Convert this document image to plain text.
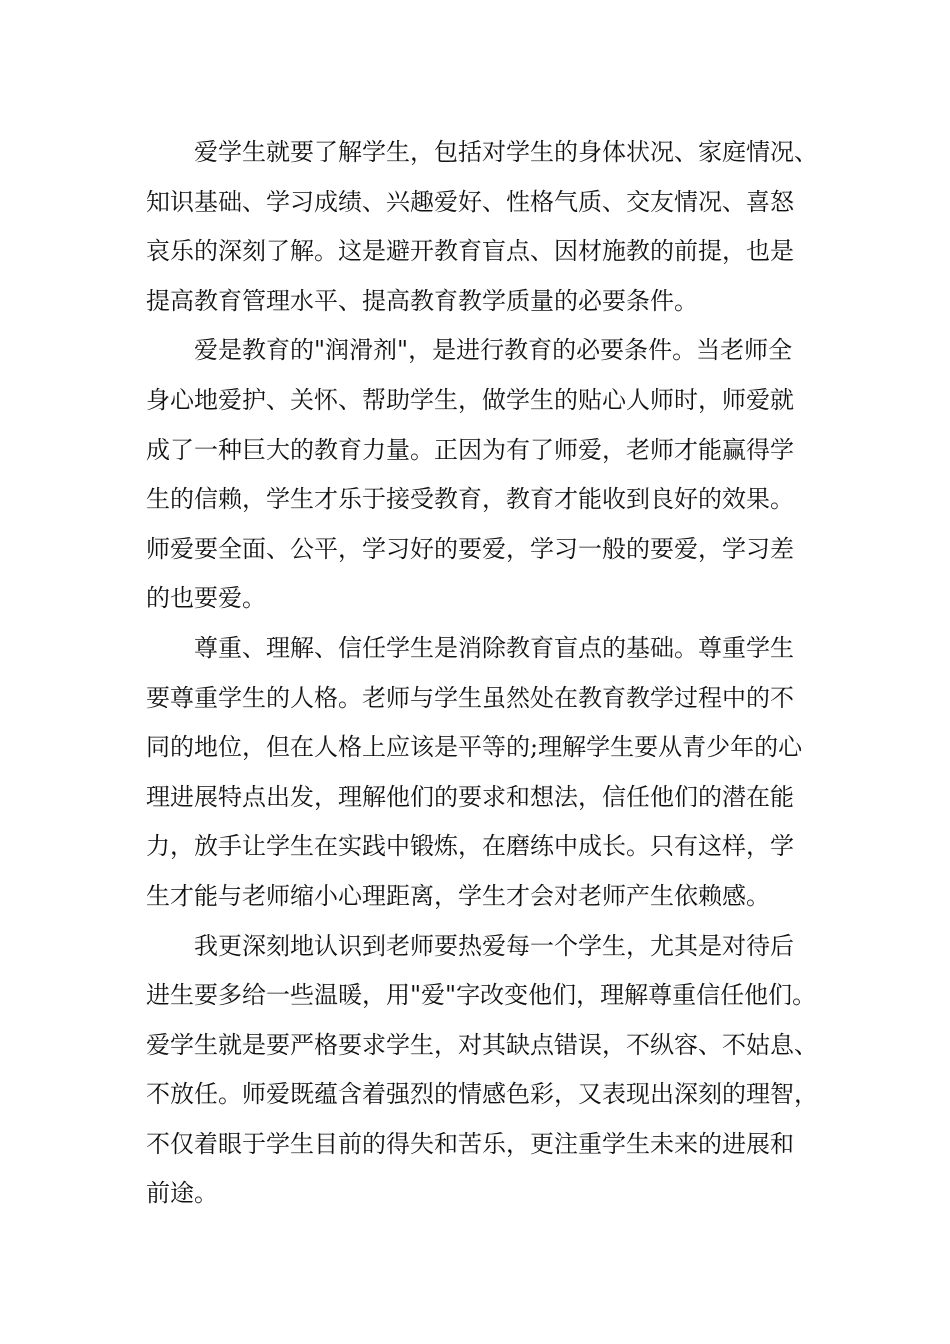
爱学生就要了解学生，包括对学生的身体状况、家庭情况、
知识基础、学习成绩、兴趣爱好、性格气质、交友情况、喜怒
哀乐的深刻了解。这是避开教育盲点、因材施教的前提，也是
提高教育管理水平、提高教育教学质量的必要条件。

爱是教育的"润滑剂"，是进行教育的必要条件。当老师全
身心地爱护、关怀、帮助学生，做学生的贴心人师时，师爱就
成了一种巨大的教育力量。正因为有了师爱，老师才能赢得学
生的信赖，学生才乐于接受教育，教育才能收到良好的效果。
师爱要全面、公平，学习好的要爱，学习一般的要爱，学习差
的也要爱。

尊重、理解、信任学生是消除教育盲点的基础。尊重学生
要尊重学生的人格。老师与学生虽然处在教育教学过程中的不
同的地位，但在人格上应该是平等的;理解学生要从青少年的心
理进展特点出发，理解他们的要求和想法，信任他们的潜在能
力，放手让学生在实践中锻炼，在磨练中成长。只有这样，学
生才能与老师缩小心理距离，学生才会对老师产生依赖感。

我更深刻地认识到老师要热爱每一个学生，尤其是对待后
进生要多给一些温暖，用"爱"字改变他们，理解尊重信任他们。
爱学生就是要严格要求学生，对其缺点错误，不纵容、不姑息、
不放任。师爱既蕴含着强烈的情感色彩，又表现出深刻的理智，
不仅着眼于学生目前的得失和苦乐，更注重学生未来的进展和
前途。
